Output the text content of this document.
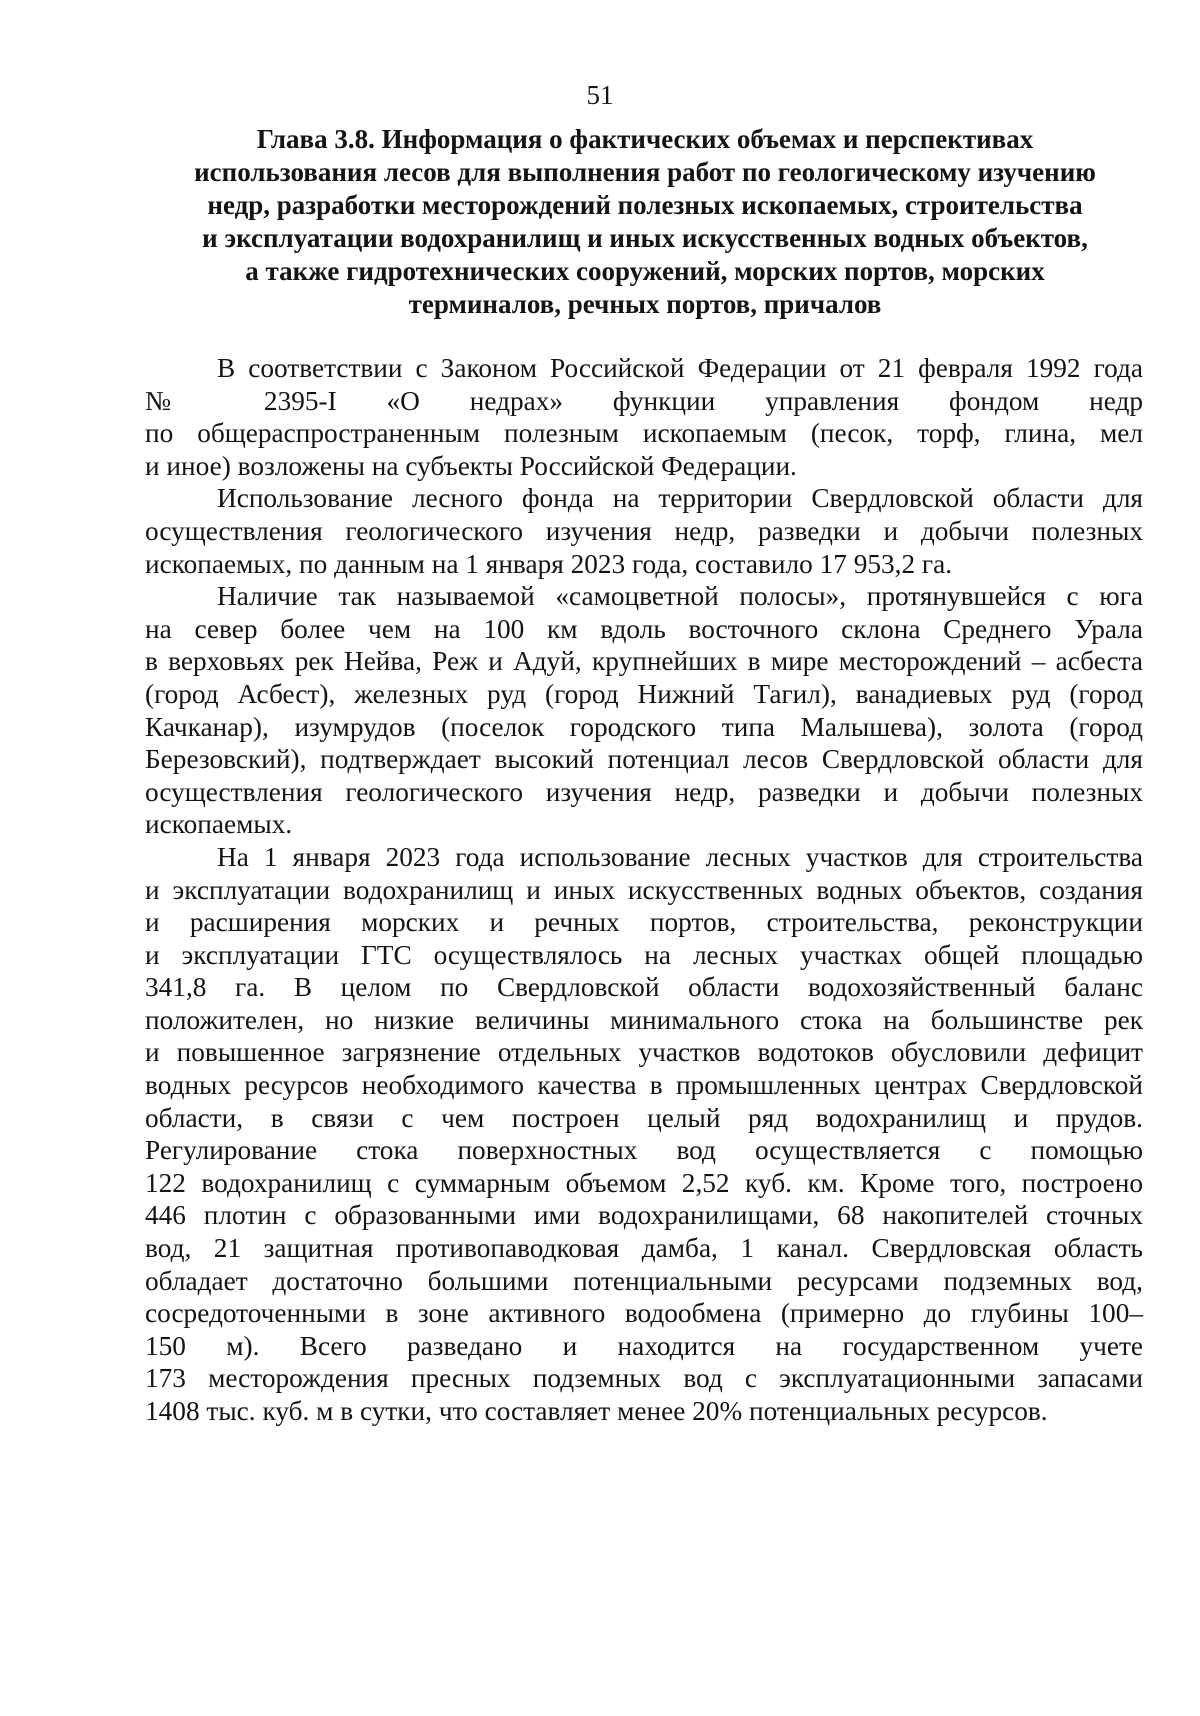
51
Глава 3.8. Информация о фактических объемах и перспективах
использования лесов для выполнения работ по геологическому изучению
недр, разработки месторождений полезных ископаемых, строительства
и эксплуатации водохранилищ и иных искусственных водных объектов,
а также гидротехнических сооружений, морских портов, морских
терминалов, речных портов, причалов

В соответствии с Законом Российской Федерации от 21 февраля 1992 года
№ 2395-I «О недрах» функции управления фондом недр
по общераспространенным полезным ископаемым (песок, торф, глина, мел
и иное) возложены на субъекты Российской Федерации.

Использование лесного фонда на территории Свердловской области для
осуществления геологического изучения недр, разведки и добычи полезных
ископаемых, по данным на 1 января 2023 года, составило 17 953,2 га.

Наличие так называемой «самоцветной полосы», протянувшейся с юга
на север более чем на 100 км вдоль восточного склона Среднего Урала
в верховьях рек Нейва, Реж и Адуй, крупнейших в мире месторождений – асбеста
(город Асбест), железных руд (город Нижний Тагил), ванадиевых руд (город
Качканар), изумрудов (поселок городского типа Малышева), золота (город
Березовский), подтверждает высокий потенциал лесов Свердловской области для
осуществления геологического изучения недр, разведки и добычи полезных
ископаемых.

На 1 января 2023 года использование лесных участков для строительства
и эксплуатации водохранилищ и иных искусственных водных объектов, создания
и расширения морских и речных портов, строительства, реконструкции
и эксплуатации ГТС осуществлялось на лесных участках общей площадью
341,8 га. В целом по Свердловской области водохозяйственный баланс
положителен, но низкие величины минимального стока на большинстве рек
и повышенное загрязнение отдельных участков водотоков обусловили дефицит
водных ресурсов необходимого качества в промышленных центрах Свердловской
области, в связи с чем построен целый ряд водохранилищ и прудов.
Регулирование стока поверхностных вод осуществляется с помощью
122 водохранилищ с суммарным объемом 2,52 куб. км. Кроме того, построено
446 плотин с образованными ими водохранилищами, 68 накопителей сточных
вод, 21 защитная противопаводковая дамба, 1 канал. Свердловская область
обладает достаточно большими потенциальными ресурсами подземных вод,
сосредоточенными в зоне активного водообмена (примерно до глубины 100–
150 м). Всего разведано и находится на государственном учете
173 месторождения пресных подземных вод с эксплуатационными запасами
1408 тыс. куб. м в сутки, что составляет менее 20% потенциальных ресурсов.
